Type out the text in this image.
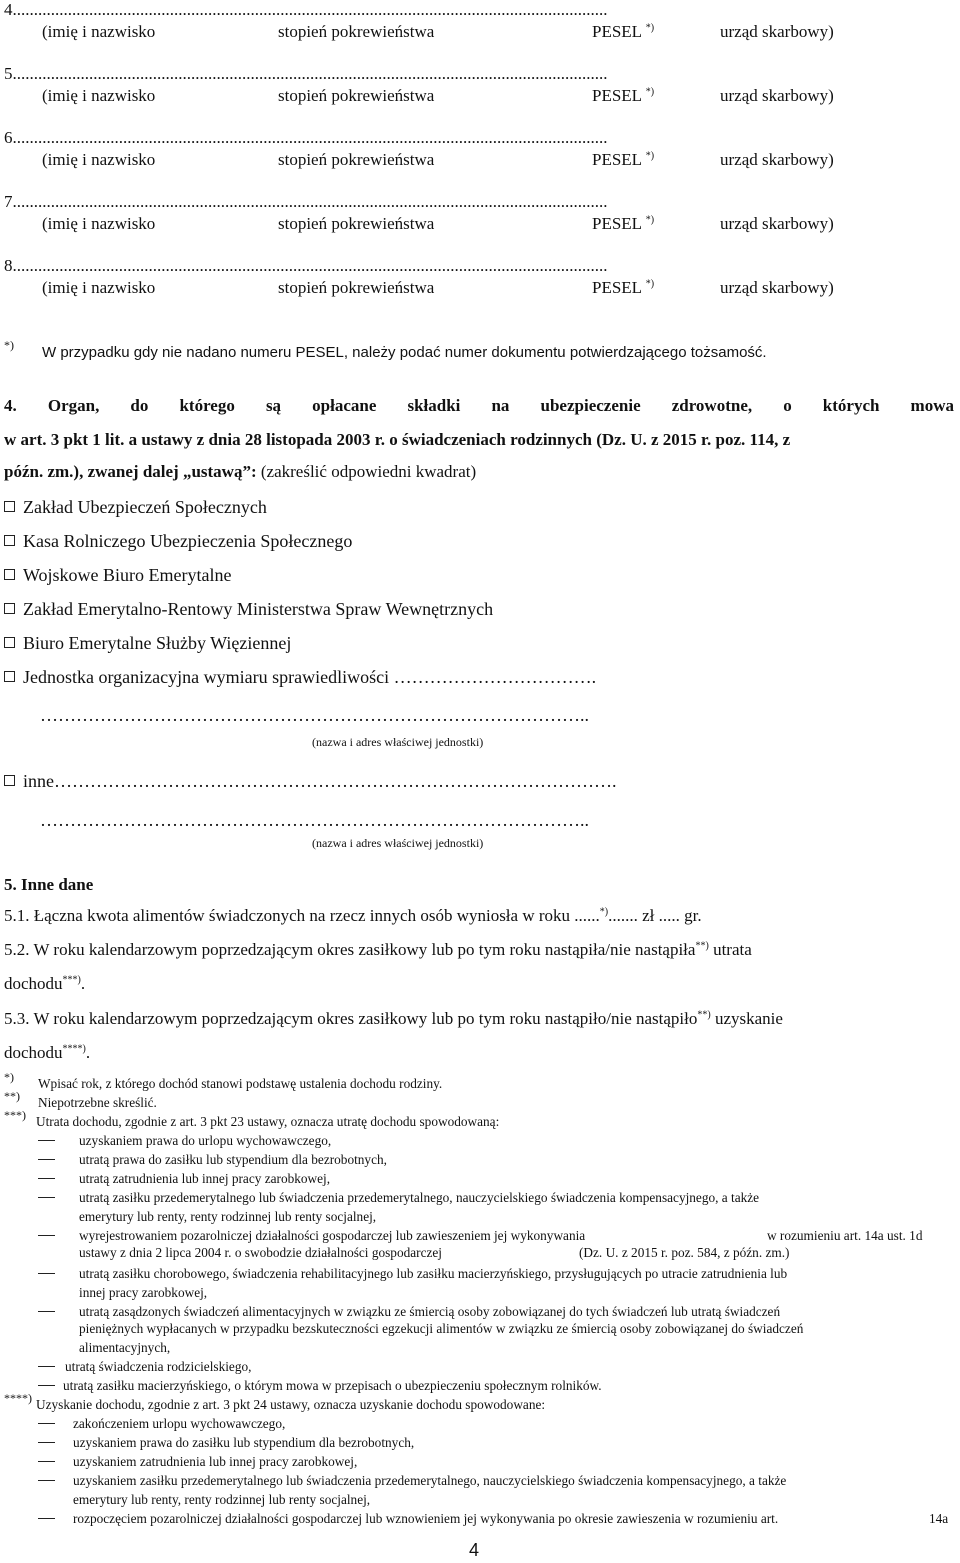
4............................................................................................................................................
(imię i nazwisko	stopień pokrewieństwa	PESEL *)	urząd skarbowy)
5............................................................................................................................................
(imię i nazwisko	stopień pokrewieństwa	PESEL *)	urząd skarbowy)
6............................................................................................................................................
(imię i nazwisko	stopień pokrewieństwa	PESEL *)	urząd skarbowy)
7............................................................................................................................................
(imię i nazwisko	stopień pokrewieństwa	PESEL *)	urząd skarbowy)
8............................................................................................................................................
(imię i nazwisko	stopień pokrewieństwa	PESEL *)	urząd skarbowy)
*) W przypadku gdy nie nadano numeru PESEL, należy podać numer dokumentu potwierdzającego tożsamość.
4. Organ, do którego są opłacane składki na ubezpieczenie zdrowotne, o których mowa
w art. 3 pkt 1 lit. a ustawy z dnia 28 listopada 2003 r. o świadczeniach rodzinnych (Dz. U. z 2015 r. poz. 114, z
późn. zm.), zwanej dalej „ustawą”: (zakreślić odpowiedni kwadrat)
Zakład Ubezpieczeń Społecznych
Kasa Rolniczego Ubezpieczenia Społecznego
Wojskowe Biuro Emerytalne
Zakład Emerytalno-Rentowy Ministerstwa Spraw Wewnętrznych
Biuro Emerytalne Służby Więziennej
Jednostka organizacyjna wymiaru sprawiedliwości …………………………….
………………………………………………………………………………..
(nazwa i adres właściwej jednostki)
inne………………………………………………………………………………….
………………………………………………………………………………..
(nazwa i adres właściwej jednostki)
5. Inne dane
5.1. Łączna kwota alimentów świadczonych na rzecz innych osób wyniosła w roku ......*)....... zł ..... gr.
5.2. W roku kalendarzowym poprzedzającym okres zasiłkowy lub po tym roku nastąpiła/nie nastąpiła**) utrata
dochodu***).
5.3. W roku kalendarzowym poprzedzającym okres zasiłkowy lub po tym roku nastąpiło/nie nastąpiło**) uzyskanie
dochodu****).
*) Wpisać rok, z którego dochód stanowi podstawę ustalenia dochodu rodziny.
**) Niepotrzebne skreślić.
***) Utrata dochodu, zgodnie z art. 3 pkt 23 ustawy, oznacza utratę dochodu spowodowaną:
uzyskaniem prawa do urlopu wychowawczego,
utratą prawa do zasiłku lub stypendium dla bezrobotnych,
utratą zatrudnienia lub innej pracy zarobkowej,
utratą zasiłku przedemerytalnego lub świadczenia przedemerytalnego, nauczycielskiego świadczenia kompensacyjnego, a także
emerytury lub renty, renty rodzinnej lub renty socjalnej,
wyrejestrowaniem pozarolniczej działalności gospodarczej lub zawieszeniem jej wykonywania	w rozumieniu art. 14a ust. 1d
ustawy z dnia 2 lipca 2004 r. o swobodzie działalności gospodarczej	(Dz. U. z 2015 r. poz. 584, z późn. zm.)
utratą zasiłku chorobowego, świadczenia rehabilitacyjnego lub zasiłku macierzyńskiego, przysługujących po utracie zatrudnienia lub
innej pracy zarobkowej,
utratą zasądzonych świadczeń alimentacyjnych w związku ze śmiercią osoby zobowiązanej do tych świadczeń lub utratą świadczeń
pieniężnych wypłacanych w przypadku bezskuteczności egzekucji alimentów w związku ze śmiercią osoby zobowiązanej do świadczeń
alimentacyjnych,
utratą świadczenia rodzicielskiego,
utratą zasiłku macierzyńskiego, o którym mowa w przepisach o ubezpieczeniu społecznym rolników.
****) Uzyskanie dochodu, zgodnie z art. 3 pkt 24 ustawy, oznacza uzyskanie dochodu spowodowane:
zakończeniem urlopu wychowawczego,
uzyskaniem prawa do zasiłku lub stypendium dla bezrobotnych,
uzyskaniem zatrudnienia lub innej pracy zarobkowej,
uzyskaniem zasiłku przedemerytalnego lub świadczenia przedemerytalnego, nauczycielskiego świadczenia kompensacyjnego, a także
emerytury lub renty, renty rodzinnej lub renty socjalnej,
rozpoczęciem pozarolniczej działalności gospodarczej lub wznowieniem jej wykonywania po okresie zawieszenia w rozumieniu art.	14a
4
